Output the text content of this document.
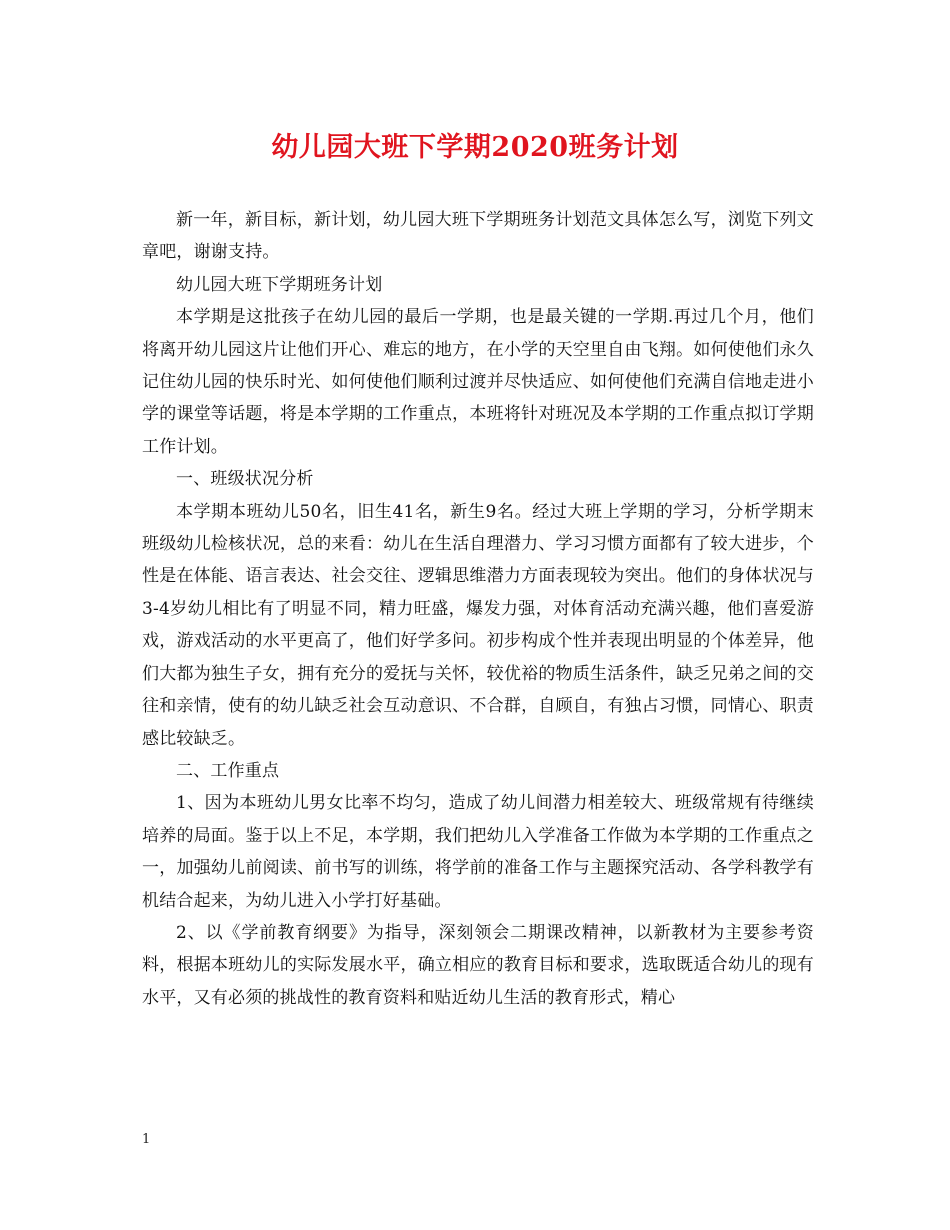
幼儿园大班下学期2020班务计划

新一年，新目标，新计划，幼儿园大班下学期班务计划范文具体怎么写，浏览下列文章吧，谢谢支持。

幼儿园大班下学期班务计划

本学期是这批孩子在幼儿园的最后一学期，也是最关键的一学期.再过几个月，他们将离开幼儿园这片让他们开心、难忘的地方，在小学的天空里自由飞翔。如何使他们永久记住幼儿园的快乐时光、如何使他们顺利过渡并尽快适应、如何使他们充满自信地走进小学的课堂等话题，将是本学期的工作重点，本班将针对班况及本学期的工作重点拟订学期工作计划。

一、班级状况分析

本学期本班幼儿50名，旧生41名，新生9名。经过大班上学期的学习，分析学期末班级幼儿检核状况，总的来看：幼儿在生活自理潜力、学习习惯方面都有了较大进步，个性是在体能、语言表达、社会交往、逻辑思维潜力方面表现较为突出。他们的身体状况与3-4岁幼儿相比有了明显不同，精力旺盛，爆发力强，对体育活动充满兴趣，他们喜爱游戏，游戏活动的水平更高了，他们好学多问。初步构成个性并表现出明显的个体差异，他们大都为独生子女，拥有充分的爱抚与关怀，较优裕的物质生活条件，缺乏兄弟之间的交往和亲情，使有的幼儿缺乏社会互动意识、不合群，自顾自，有独占习惯，同情心、职责感比较缺乏。

二、工作重点

1、因为本班幼儿男女比率不均匀，造成了幼儿间潜力相差较大、班级常规有待继续培养的局面。鉴于以上不足，本学期，我们把幼儿入学准备工作做为本学期的工作重点之一，加强幼儿前阅读、前书写的训练，将学前的准备工作与主题探究活动、各学科教学有机结合起来，为幼儿进入小学打好基础。

2、以《学前教育纲要》为指导，深刻领会二期课改精神，以新教材为主要参考资料，根据本班幼儿的实际发展水平，确立相应的教育目标和要求，选取既适合幼儿的现有水平，又有必须的挑战性的教育资料和贴近幼儿生活的教育形式，精心

1
